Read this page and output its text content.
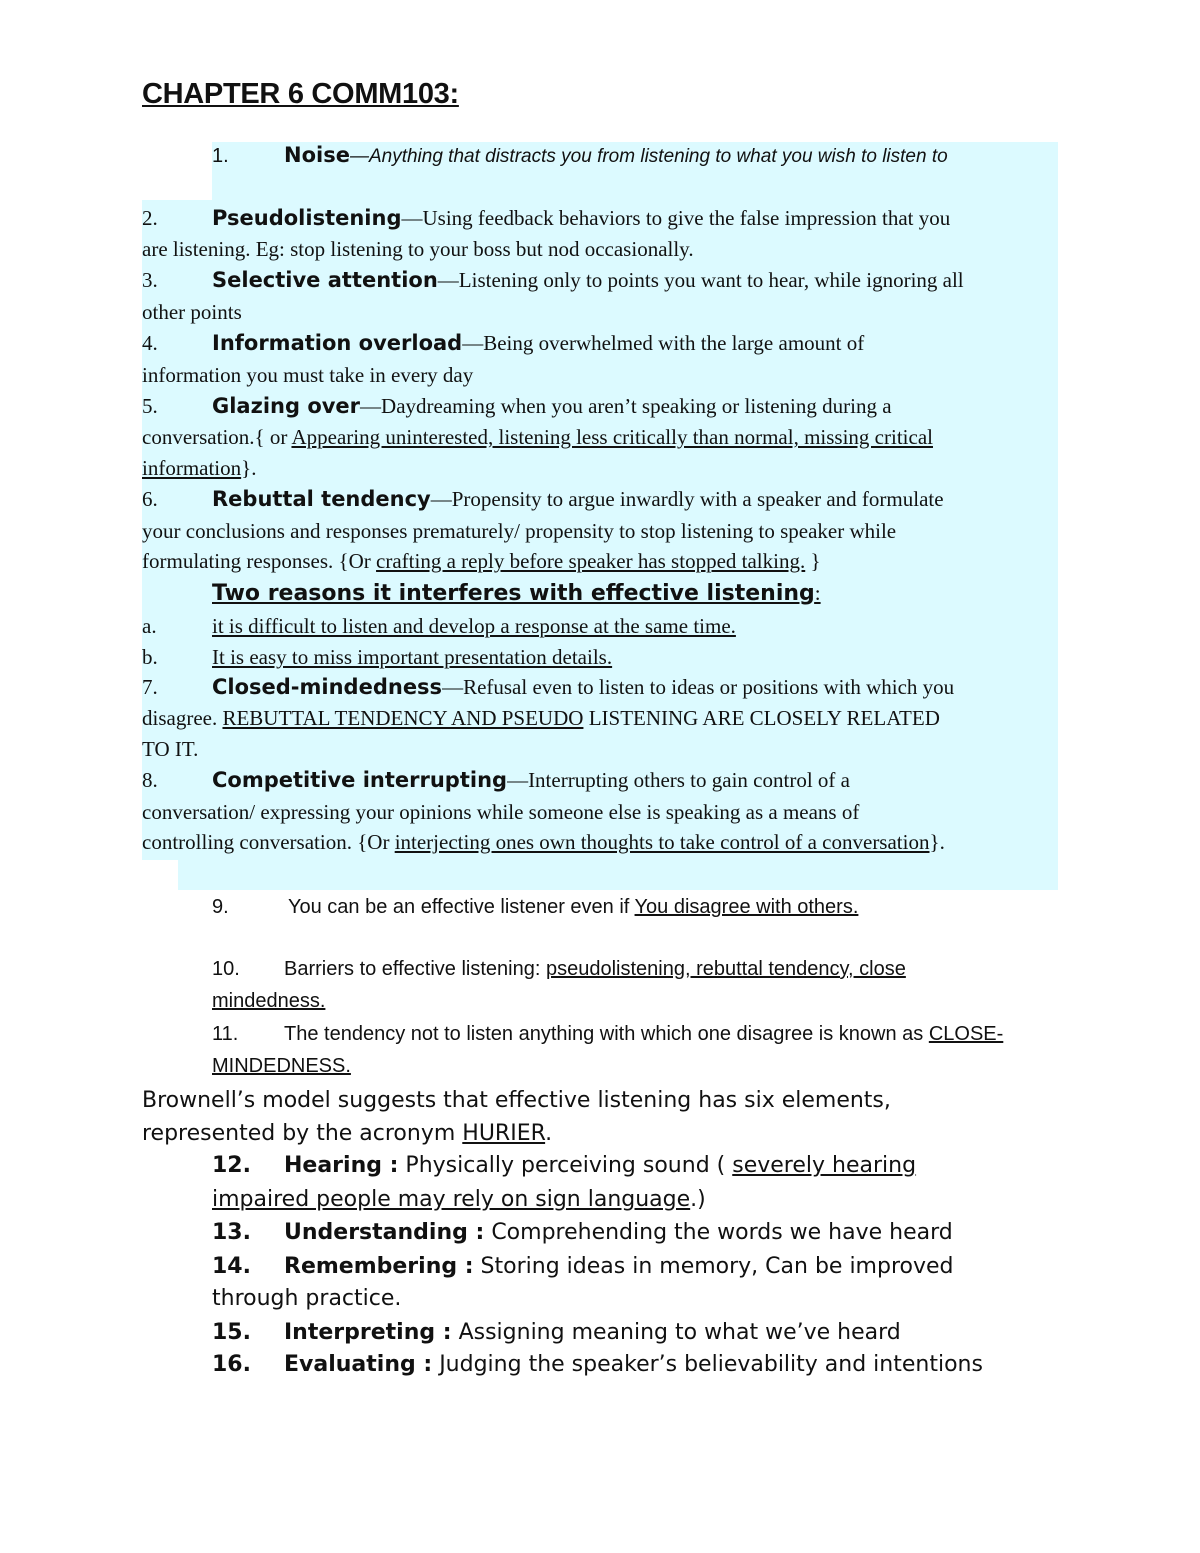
CHAPTER 6 COMM103:
1.	Noise—Anything that distracts you from listening to what you wish to listen to
2.	Pseudolistening—Using feedback behaviors to give the false impression that you
are listening. Eg: stop listening to your boss but nod occasionally.
3.	Selective attention—Listening only to points you want to hear, while ignoring all
other points
4.	Information overload—Being overwhelmed with the large amount of
information you must take in every day
5.	Glazing over—Daydreaming when you aren’t speaking or listening during a
conversation.{ or Appearing uninterested, listening less critically than normal, missing critical
information}.
6.	Rebuttal tendency—Propensity to argue inwardly with a speaker and formulate
your conclusions and responses prematurely/ propensity to stop listening to speaker while
formulating responses. {Or crafting a reply before speaker has stopped talking. }
Two reasons it interferes with effective listening:
a.	it is difficult to listen and develop a response at the same time.
b.	It is easy to miss important presentation details.
7.	Closed-mindedness—Refusal even to listen to ideas or positions with which you
disagree. REBUTTAL TENDENCY AND PSEUDO LISTENING ARE CLOSELY RELATED
TO IT.
8.	Competitive interrupting—Interrupting others to gain control of a
conversation/ expressing your opinions while someone else is speaking as a means of
controlling conversation. {Or interjecting ones own thoughts to take control of a conversation}.
9.	You can be an effective listener even if You disagree with others.
10. Barriers to effective listening: pseudolistening, rebuttal tendency, close
mindedness.
11. The tendency not to listen anything with which one disagree is known as CLOSE-
MINDEDNESS.
Brownell’s model suggests that effective listening has six elements,
represented by the acronym HURIER.
12. Hearing : Physically perceiving sound ( severely hearing
impaired people may rely on sign language.)
13. Understanding : Comprehending the words we have heard
14. Remembering : Storing ideas in memory, Can be improved
through practice.
15. Interpreting : Assigning meaning to what we’ve heard
16. Evaluating : Judging the speaker’s believability and intentions
